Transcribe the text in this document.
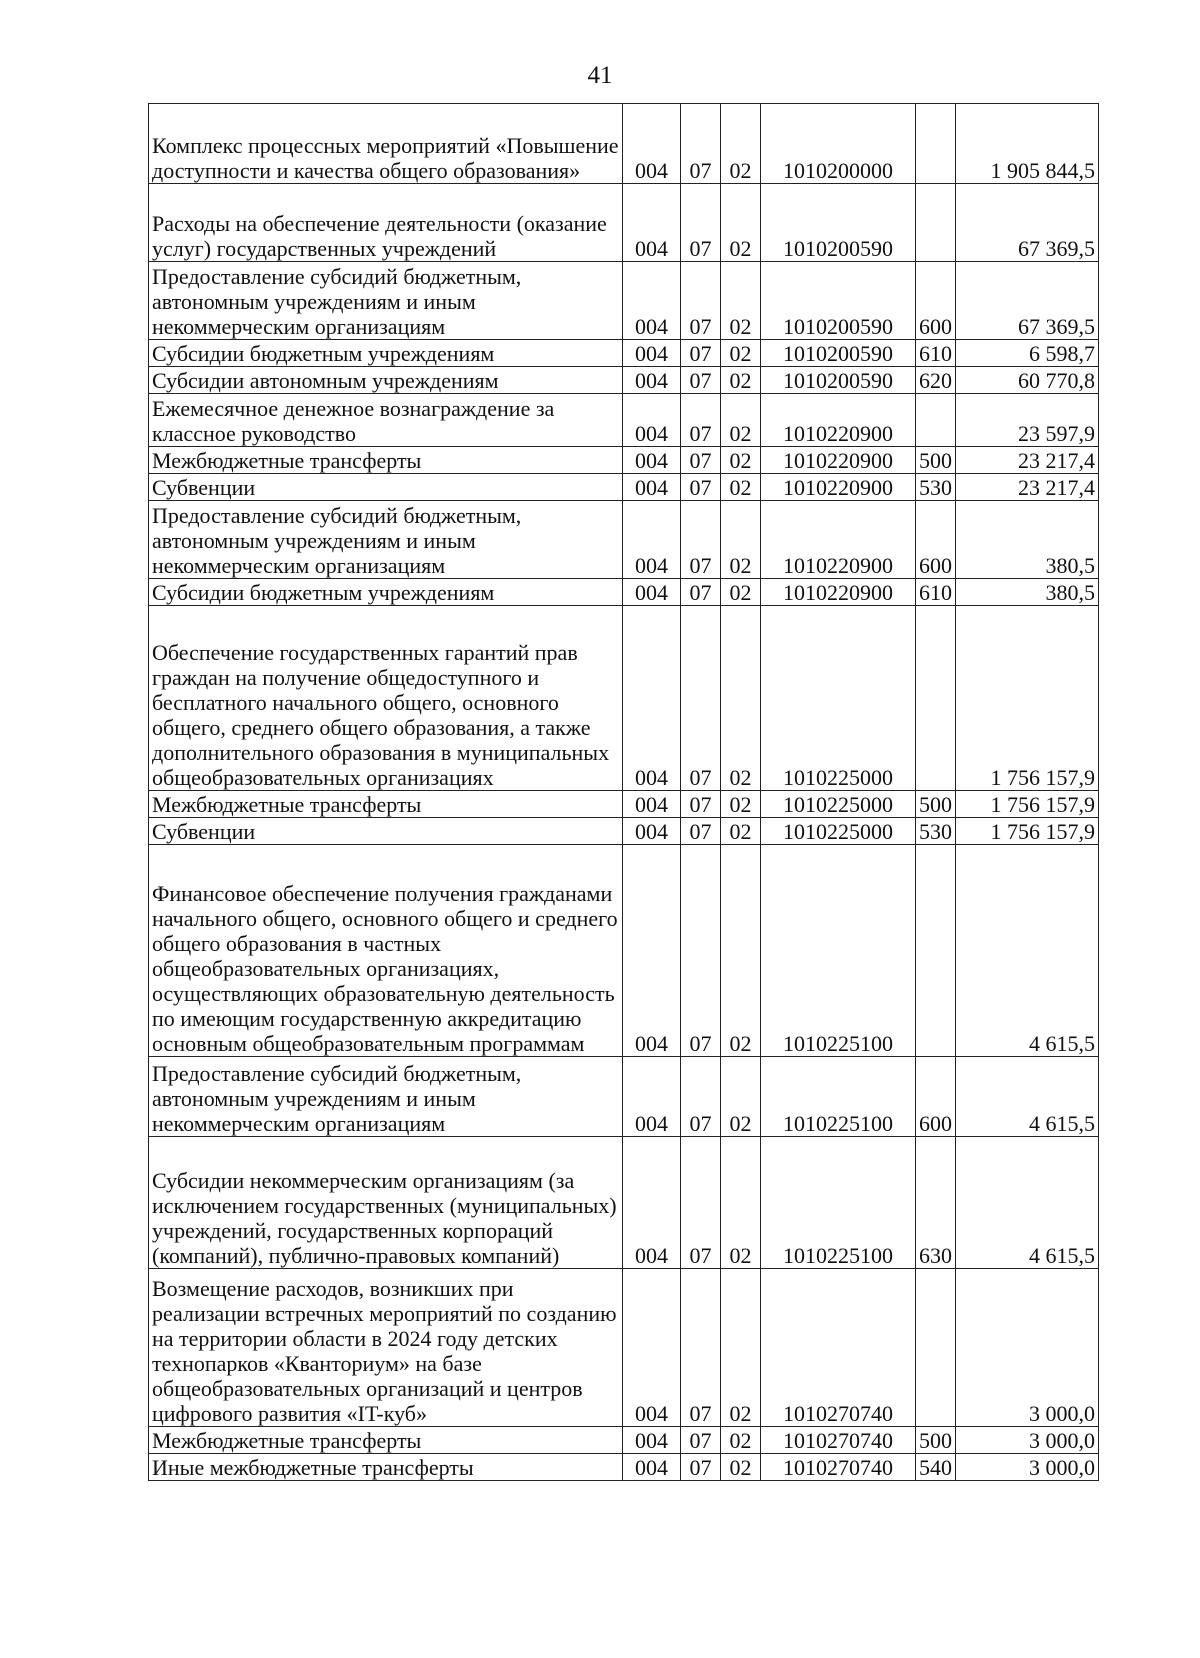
41
Комплекс процессных мероприятий «Повышение доступности и качества общего образования»	004	07	02	1010200000		1 905 844,5
Расходы на обеспечение деятельности (оказание услуг) государственных учреждений	004	07	02	1010200590		67 369,5
Предоставление субсидий бюджетным, автономным учреждениям и иным некоммерческим организациям	004	07	02	1010200590	600	67 369,5
Субсидии бюджетным учреждениям	004	07	02	1010200590	610	6 598,7
Субсидии автономным учреждениям	004	07	02	1010200590	620	60 770,8
Ежемесячное денежное вознаграждение за классное руководство	004	07	02	1010220900		23 597,9
Межбюджетные трансферты	004	07	02	1010220900	500	23 217,4
Субвенции	004	07	02	1010220900	530	23 217,4
Предоставление субсидий бюджетным, автономным учреждениям и иным некоммерческим организациям	004	07	02	1010220900	600	380,5
Субсидии бюджетным учреждениям	004	07	02	1010220900	610	380,5
Обеспечение государственных гарантий прав граждан на получение общедоступного и бесплатного начального общего, основного общего, среднего общего образования, а также дополнительного образования в муниципальных общеобразовательных организациях	004	07	02	1010225000		1 756 157,9
Межбюджетные трансферты	004	07	02	1010225000	500	1 756 157,9
Субвенции	004	07	02	1010225000	530	1 756 157,9
Финансовое обеспечение получения гражданами начального общего, основного общего и среднего общего образования в частных общеобразовательных организациях, осуществляющих образовательную деятельность по имеющим государственную аккредитацию основным общеобразовательным программам	004	07	02	1010225100		4 615,5
Предоставление субсидий бюджетным, автономным учреждениям и иным некоммерческим организациям	004	07	02	1010225100	600	4 615,5
Субсидии некоммерческим организациям (за исключением государственных (муниципальных) учреждений, государственных корпораций (компаний), публично-правовых компаний)	004	07	02	1010225100	630	4 615,5
Возмещение расходов, возникших при реализации встречных мероприятий по созданию на территории области в 2024 году детских технопарков «Кванториум» на базе общеобразовательных организаций и центров цифрового развития «IT-куб»	004	07	02	1010270740		3 000,0
Межбюджетные трансферты	004	07	02	1010270740	500	3 000,0
Иные межбюджетные трансферты	004	07	02	1010270740	540	3 000,0
